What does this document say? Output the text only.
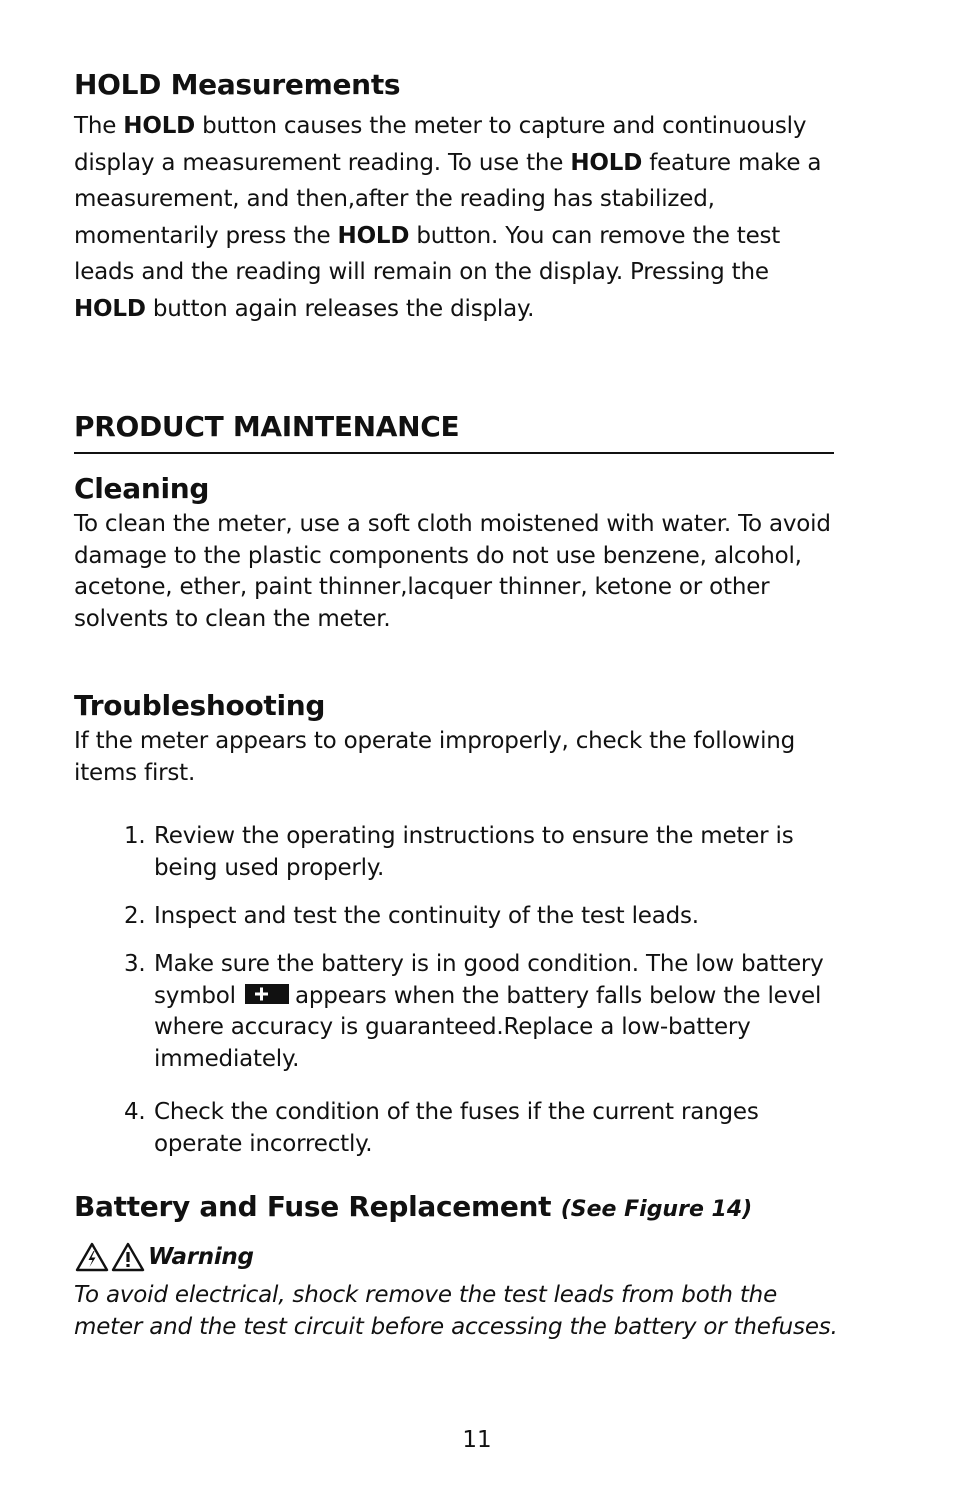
HOLD Measurements

The HOLD button causes the meter to capture and continuously display a measurement reading. To use the HOLD feature make a measurement, and then,after the reading has stabilized, momentarily press the HOLD button. You can remove the test leads and the reading will remain on the display. Pressing the HOLD button again releases the display.

PRODUCT MAINTENANCE
Cleaning

To clean the meter, use a soft cloth moistened with water. To avoid damage to the plastic components do not use benzene, alcohol, acetone, ether, paint thinner,lacquer thinner, ketone or other solvents to clean the meter.

Troubleshooting

If the meter appears to operate improperly, check the following items first.

1. Review the operating instructions to ensure the meter is being used properly.
2. Inspect and test the continuity of the test leads.
3. Make sure the battery is in good condition. The low battery symbol	appears when the battery falls below the level where accuracy is guaranteed.Replace a low-battery immediately.
4. Check the condition of the fuses if the current ranges operate incorrectly.
Battery and Fuse Replacement (See Figure 14)
Warning

To avoid electrical, shock remove the test leads from both the meter and the test circuit before accessing the battery or thefuses.

11
